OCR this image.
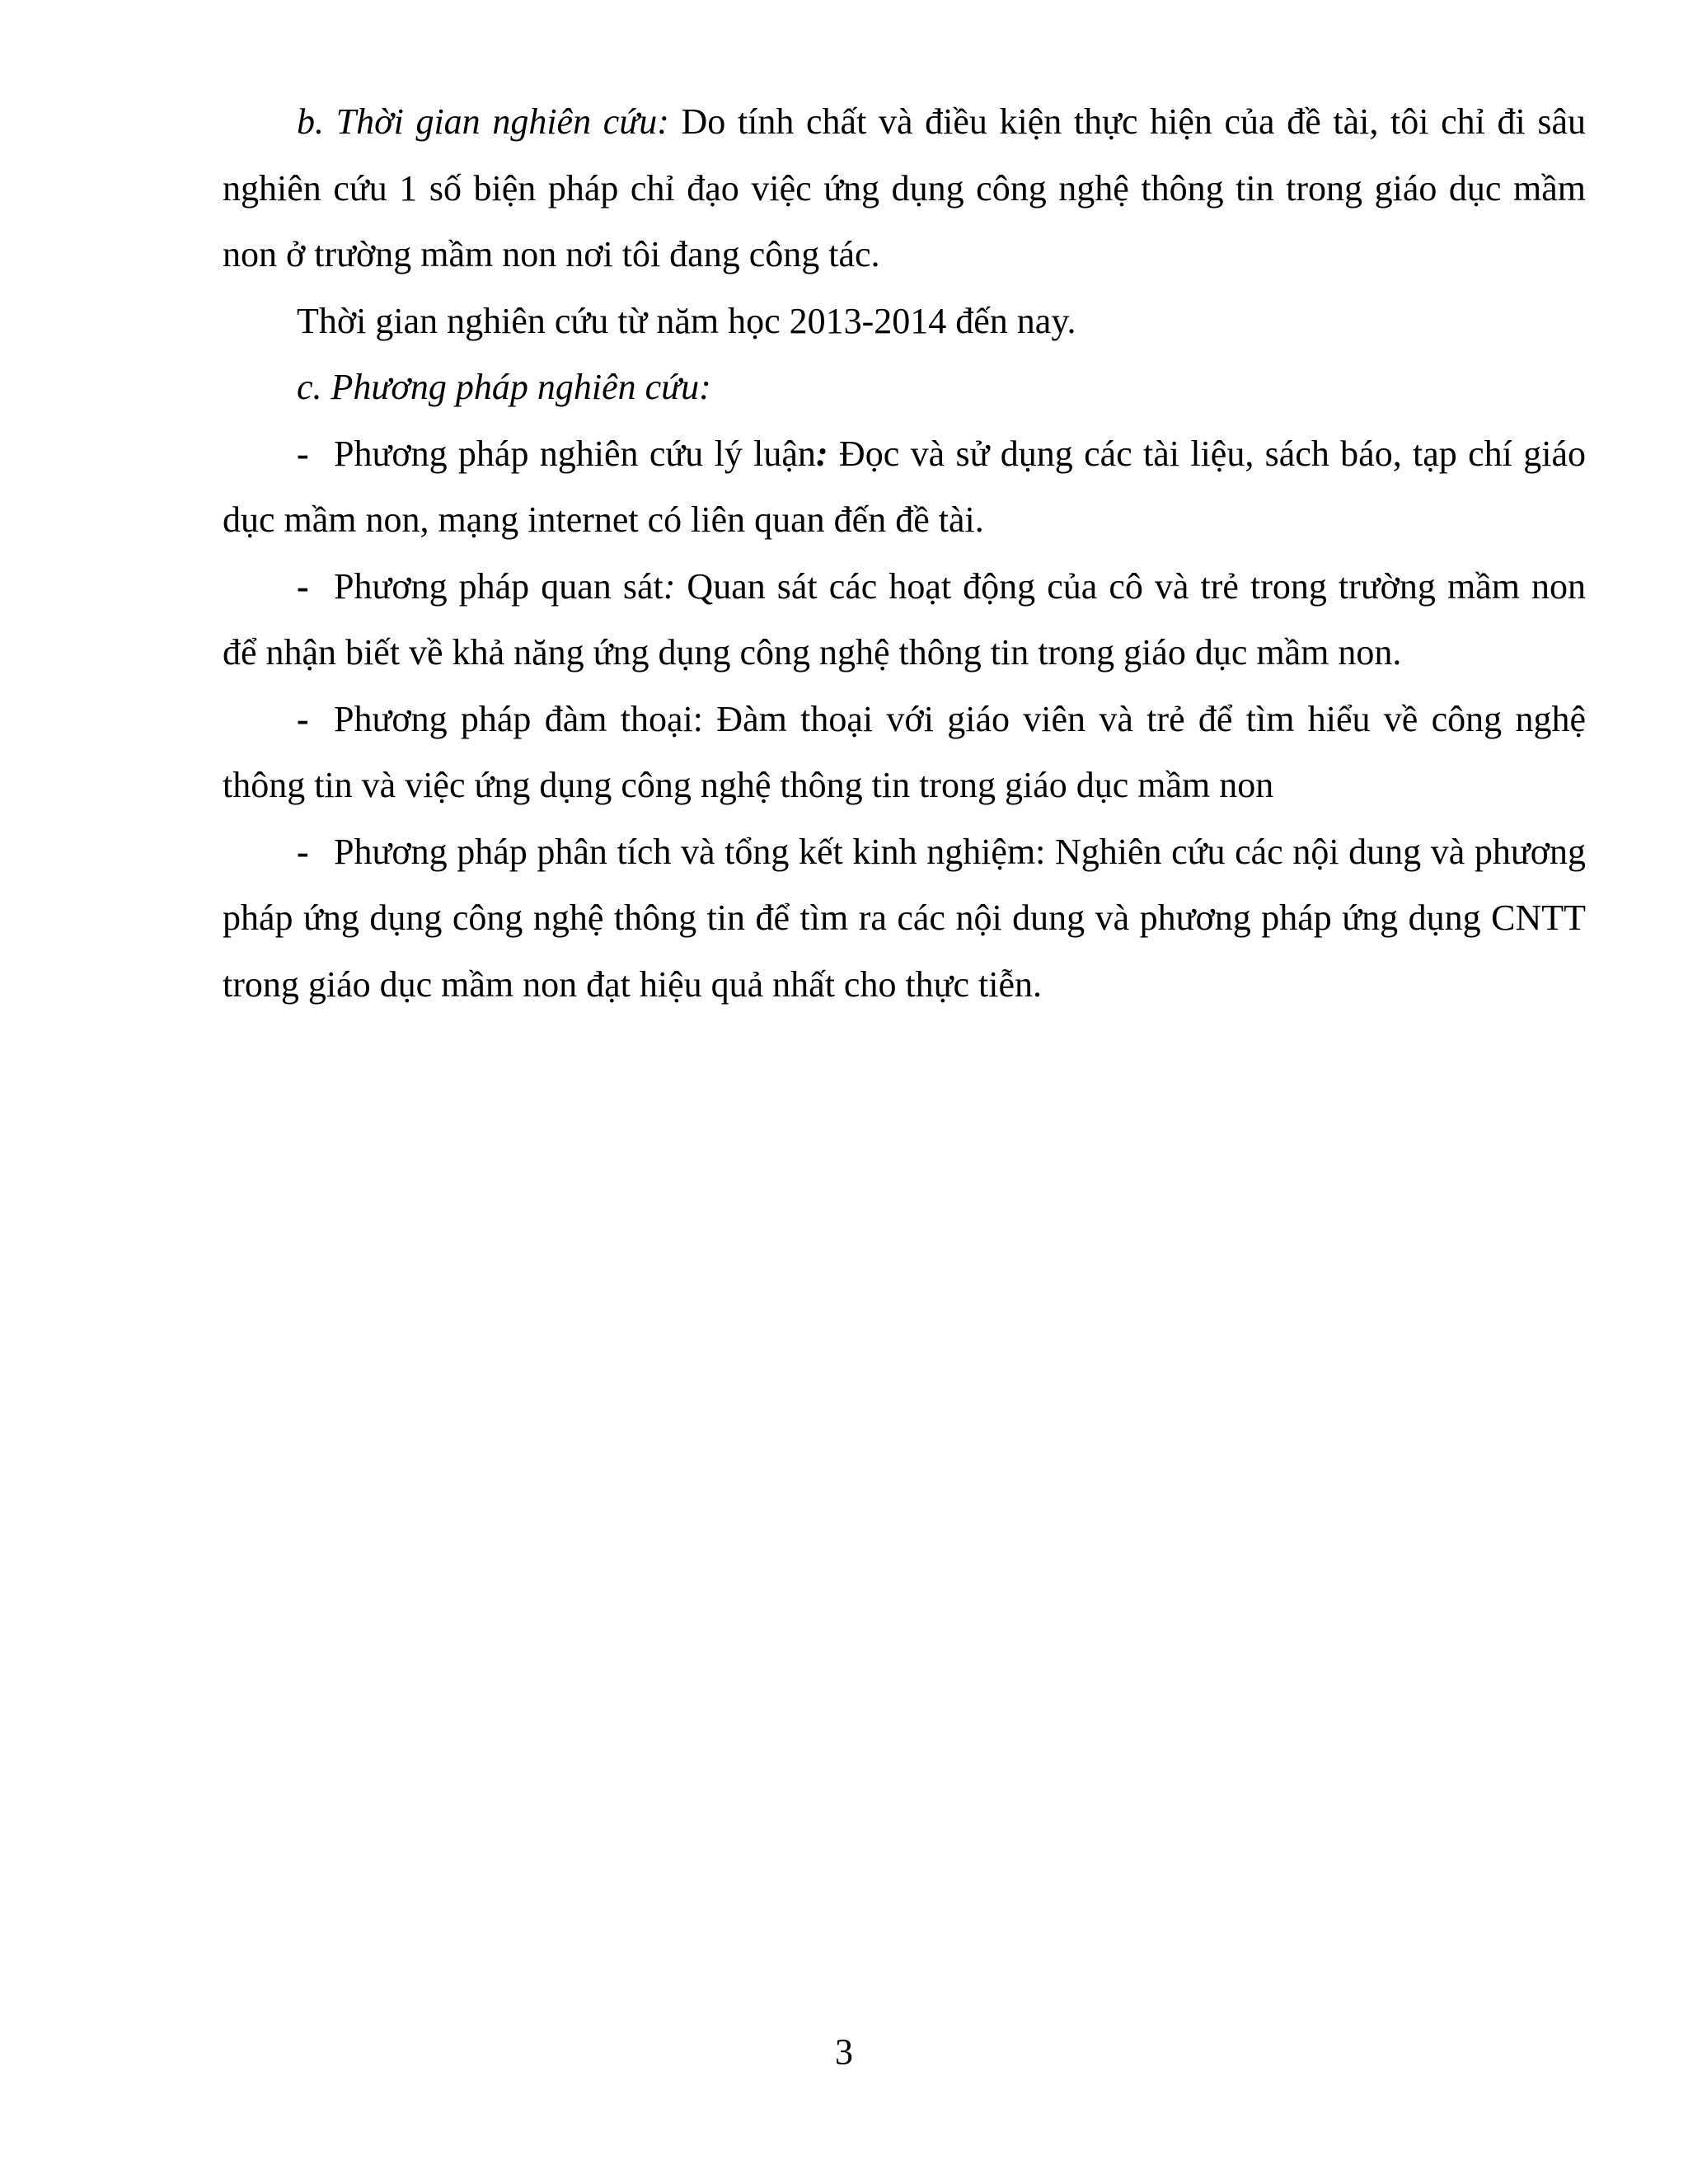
b. Thời gian nghiên cứu: Do tính chất và điều kiện thực hiện của đề tài, tôi chỉ đi sâu nghiên cứu 1 số biện pháp chỉ đạo việc ứng dụng công nghệ thông tin trong giáo dục mầm non ở trường mầm non nơi tôi đang công tác.

Thời gian nghiên cứu từ năm học 2013-2014 đến nay.

c. Phương pháp nghiên cứu:

- Phương pháp nghiên cứu lý luận: Đọc và sử dụng các tài liệu, sách báo, tạp chí giáo dục mầm non, mạng internet có liên quan đến đề tài.

- Phương pháp quan sát: Quan sát các hoạt động của cô và trẻ trong trường mầm non để nhận biết về khả năng ứng dụng công nghệ thông tin trong giáo dục mầm non.

- Phương pháp đàm thoại: Đàm thoại với giáo viên và trẻ để tìm hiểu về công nghệ thông tin và việc ứng dụng công nghệ thông tin trong giáo dục mầm non

- Phương pháp phân tích và tổng kết kinh nghiệm: Nghiên cứu các nội dung và phương pháp ứng dụng công nghệ thông tin để tìm ra các nội dung và phương pháp ứng dụng CNTT trong giáo dục mầm non đạt hiệu quả nhất cho thực tiễn.

3
